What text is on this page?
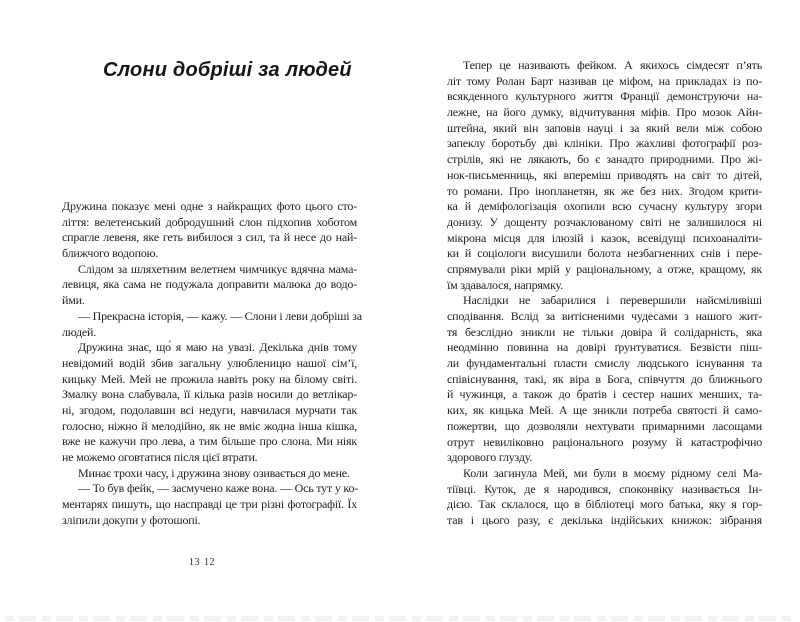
Слони добріші за людей
Дружина показує мені одне з найкращих фото цього сто-
ліття: велетенський добродушний слон підхопив хоботом
спрагле левеня, яке геть вибилося з сил, та й несе до най-
ближчого водопою.
Слідом за шляхетним велетнем чимчикує вдячна мама-
левиця, яка сама не подужала доправити малюка до водо-
йми.
— Прекрасна історія, — кажу. — Слони і леви добріші за
людей.
Дружина знає, що́ я маю на увазі. Декілька днів тому
невідомий водій збив загальну улюбленицю нашої сім’ї,
кицьку Мей. Мей не прожила навіть року на білому світі.
Змалку вона слабувала, її кілька разів носили до ветлікар-
ні, згодом, подолавши всі недуги, навчилася мурчати так
голосно, ніжно й мелодійно, як не вміє жодна інша кішка,
вже не кажучи про лева, а тим більше про слона. Ми ніяк
не можемо оговтатися після цієї втрати.
Минає трохи часу, і дружина знову озивається до мене.
— То був фейк, — засмучено каже вона. — Ось тут у ко-
ментарях пишуть, що насправді це три різні фотографії. Їх
зліпили докупи у фотошопі.
Тепер це називають фейком. А якихось сімдесят п’ять
літ тому Ролан Барт називав це міфом, на прикладах із по-
всякденного культурного життя Франції демонструючи на-
лежне, на його думку, відчитування міфів. Про мозок Айн-
штейна, який він заповів науці і за який вели між собою
запеклу боротьбу дві клініки. Про жахливі фотографії роз-
стрілів, які не лякають, бо є занадто природними. Про жі-
нок-письменниць, які впереміш приводять на світ то дітей,
то романи. Про інопланетян, як же без них. Згодом крити-
ка й деміфологізація охопили всю сучасну культуру згори
донизу. У дощенту розчаклованому світі не залишилося ні
мікрона місця для ілюзій і казок, всевідущі психоаналіти-
ки й соціологи висушили болота незбагненних снів і пере-
спрямували ріки мрій у раціональному, а отже, кращому, як
їм здавалося, напрямку.
Наслідки не забарилися і перевершили найсміливіші
сподівання. Вслід за витісненими чудесами з нашого жит-
тя безслідно зникли не тільки довіра й солідарність, яка
неодмінно повинна на довірі ґрунтуватися. Безвісти піш-
ли фундаментальні пласти смислу людського існування та
співіснування, такі, як віра в Бога, співчуття до ближнього
й чужинця, а також до братів і сестер наших менших, та-
ких, як кицька Мей. А ще зникли потреба святості й само-
пожертви, що дозволяли нехтувати примарними ласощами
отрут невиліковно раціонального розуму й катастрофічно
здорового глузду.
Коли загинула Мей, ми були в моєму рідному селі Ма-
тіївці. Куток, де я народився, споконвіку називається Ін-
дією. Так склалося, що в бібліотеці мого батька, яку я гор-
тав і цього разу, є декілька індійських книжок: зібрання
12
13
